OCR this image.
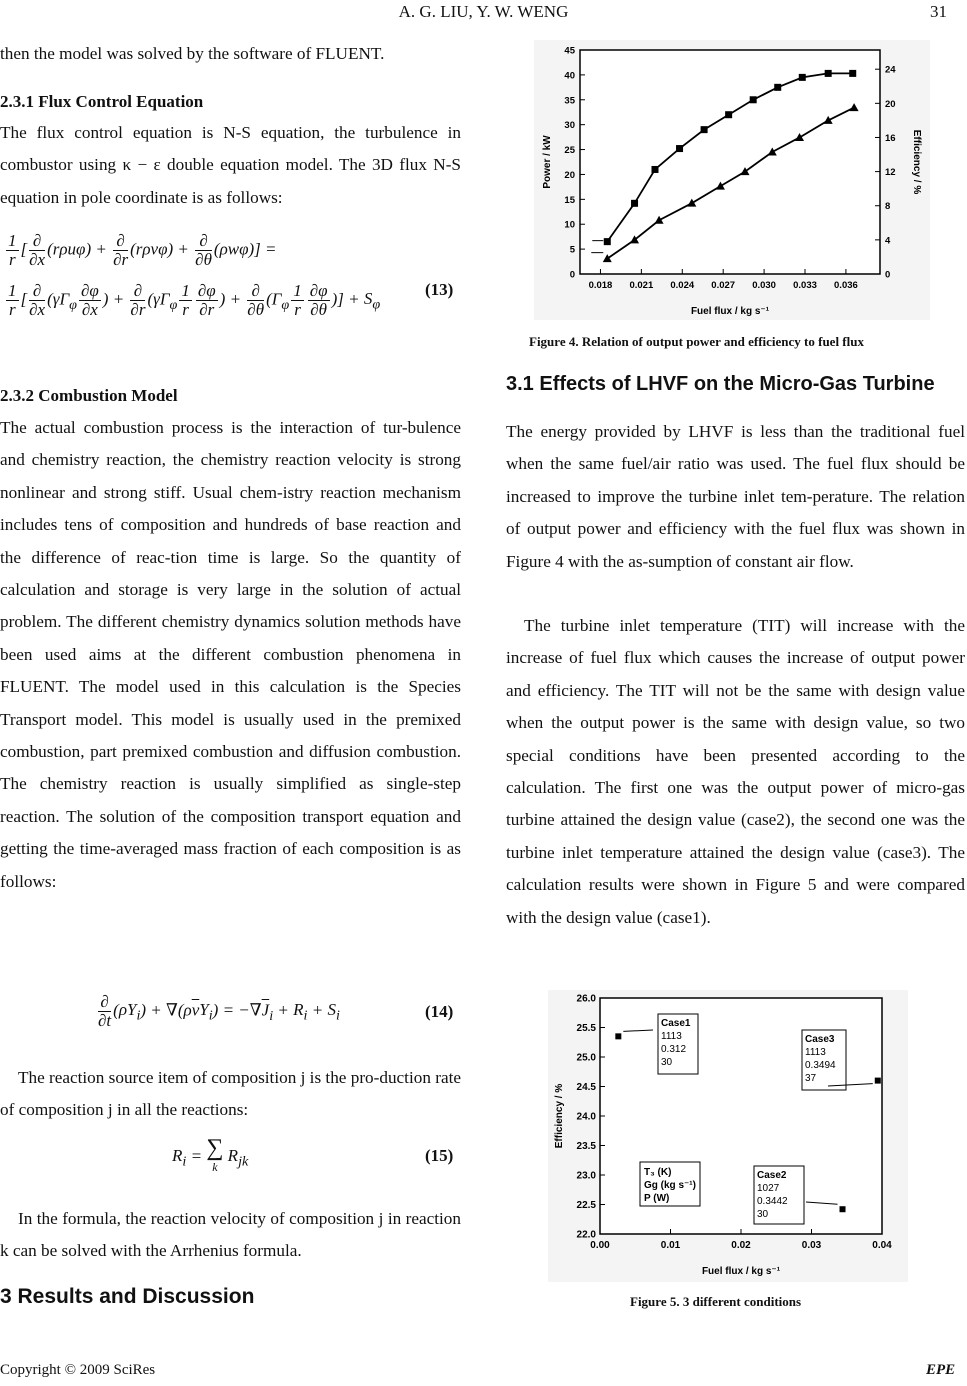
A. G. LIU, Y. W. WENG	31
then the model was solved by the software of FLUENT.
2.3.1 Flux Control Equation
The flux control equation is N-S equation, the turbulence in combustor using κ − ε double equation model. The 3D flux N-S equation in pole coordinate is as follows:
$\frac{1}{r}$ [ $\frac{\partial}{\partial x} (r\rho u\varphi) + \frac{\partial}{\partial r} (r\rho v\varphi) + \frac{\partial}{\partial\theta} (\rho w\varphi)$] =
$\frac{1}{r}$ [ $\frac{\partial}{\partial x} (\gamma\Gamma_\varphi \frac{\partial\varphi}{\partial x}$ ) + $\frac{\partial}{\partial r} (\gamma\Gamma_\varphi \frac{1}{r} \frac{\partial\varphi}{\partial r}$ ) + $\frac{\partial}{\partial\theta} (\Gamma_\varphi \frac{1}{r} \frac{\partial\varphi}{\partial\theta}$ )] + $S_\varphi$
(13)
2.3.2 Combustion Model
The actual combustion process is the interaction of tur-bulence and chemistry reaction, the chemistry reaction velocity is strong nonlinear and strong stiff. Usual chem-istry reaction mechanism includes tens of composition and hundreds of base reaction and the difference of reac-tion time is large. So the quantity of calculation and storage is very large in the solution of actual problem. The different chemistry dynamics solution methods have been used aims at the different combustion phenomena in FLUENT. The model used in this calculation is the Species Transport model. This model is usually used in the premixed combustion, part premixed combustion and diffusion combustion. The chemistry reaction is usually simplified as single-step reaction. The solution of the composition transport equation and getting the time-averaged mass fraction of each composition is as follows:
$\frac{\partial}{\partial t} (\rho Y_i) + \nabla(\rho\overline{v}Y_i) = -\nabla\overline{J}_i + R_i + S_i$	(14)
The reaction source item of composition j is the pro-duction rate of composition j in all the reactions:
$R_i$ = ∑
k $R_{jk}$	(15)
In the formula, the reaction velocity of composition j in reaction k can be solved with the Arrhenius formula.
3 Results and Discussion
0.018 0.021 0.024 0.027 0.030 0.033 0.036
0
5
10
15
20
25
30
35
40
45
0
4
8
12
16
20
24
Fuel flux / kg s⁻¹
Power / kW	Efficiency / %
Figure 4. Relation of output power and efficiency to fuel flux
3.1 Effects of LHVF on the Micro-Gas Turbine
The energy provided by LHVF is less than the traditional fuel when the same fuel/air ratio was used. The fuel flux should be increased to improve the turbine inlet tem-perature. The relation of output power and efficiency with the fuel flux was shown in Figure 4 with the as-sumption of constant air flow.
The turbine inlet temperature (TIT) will increase with the increase of fuel flux which causes the increase of output power and efficiency. The TIT will not be the same with design value when the output power is the same with design value, so two special conditions have been presented according to the calculation. The first one was the output power of micro-gas turbine attained the design value (case2), the second one was the turbine inlet temperature attained the design value (case3). The calculation results were shown in Figure 5 and were compared with the design value (case1).
0.00	0.01	0.02	0.03	0.04
22.0
22.5
23.0
23.5
24.0
24.5
25.0
25.5
26.0
Fuel flux / kg s⁻¹
Efficiency / %
Case1
1113
0.312
30
Case3
1113
0.3494
37
Case2
1027
0.3442
30
T₃ (K)
Gg (kg s⁻¹)
P (W)
Figure 5. 3 different conditions
Copyright © 2009 SciRes	EPE
